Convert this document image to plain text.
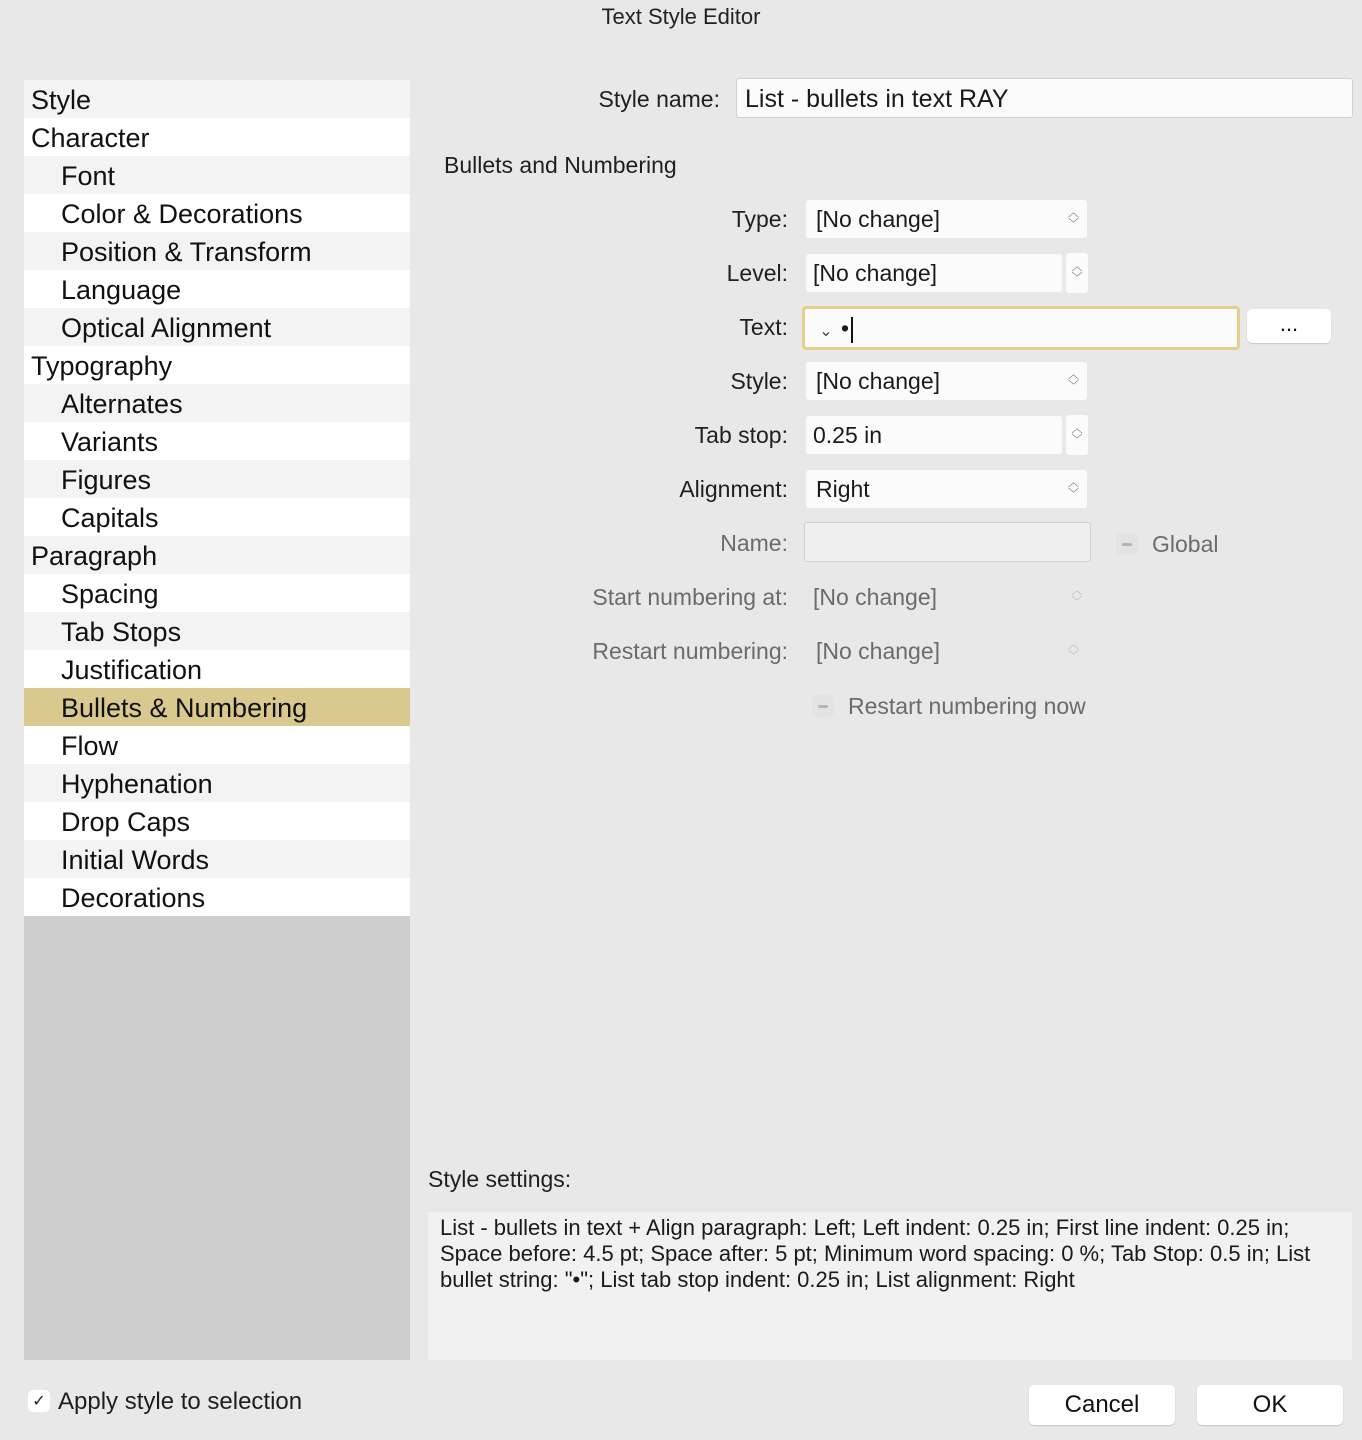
Text Style Editor
Style
Character
Font
Color & Decorations
Position & Transform
Language
Optical Alignment
Typography
Alternates
Variants
Figures
Capitals
Paragraph
Spacing
Tab Stops
Justification
Bullets & Numbering
Flow
Hyphenation
Drop Caps
Initial Words
Decorations
Style name:	List - bullets in text RAY
Bullets and Numbering
Type:	[No change]	︿
﹀
Level:	[No change]	︿
﹀
Text:	⌄ •	...
Style:	[No change]	︿
﹀
Tab stop:	0.25 in	︿
﹀
Alignment:	Right	︿
﹀
Name:	Global
Start numbering at:	[No change]	︿
﹀
Restart numbering:	[No change]	︿
﹀
Restart numbering now
Style settings:
List - bullets in text + Align paragraph: Left; Left indent: 0.25 in; First line indent: 0.25 in; Space before: 4.5 pt; Space after: 5 pt; Minimum word spacing: 0 %; Tab Stop: 0.5 in; List bullet string: "•"; List tab stop indent: 0.25 in; List alignment: Right
✓ Apply style to selection	Cancel	OK
